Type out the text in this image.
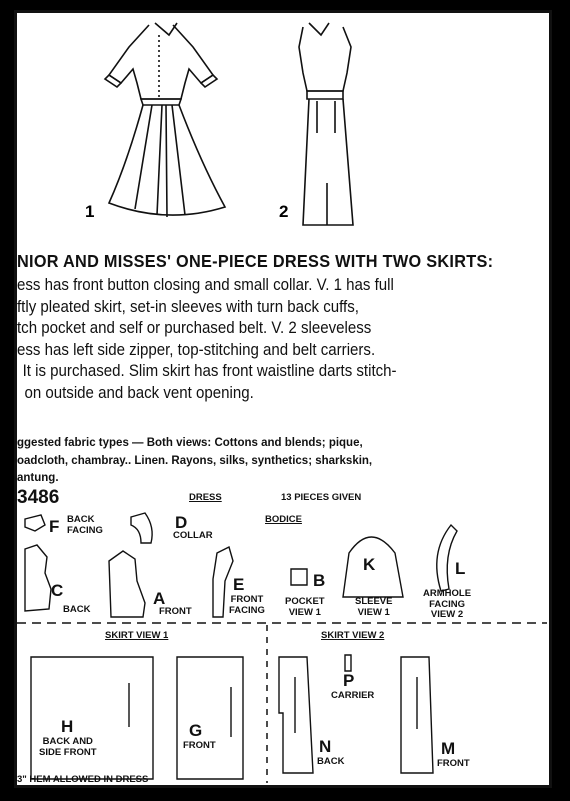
1	2
NIOR AND MISSES' ONE-PIECE DRESS WITH TWO SKIRTS:
ess has front button closing and small collar. V. 1 has full
ftly pleated skirt, set-in sleeves with turn back cuffs,
tch pocket and self or purchased belt. V. 2 sleeveless
ess has left side zipper, top-stitching and belt carriers.
It is purchased. Slim skirt has front waistline darts stitch-
on outside and back vent opening.
ggested fabric types — Both views: Cottons and blends; pique,
oadcloth, chambray.. Linen. Rayons, silks, synthetics; sharkskin,
antung.
3486	DRESS	13 PIECES GIVEN
BODICE
SKIRT VIEW 1	SKIRT VIEW 2
F BACK
FACING	D
COLLAR
C
BACK
A
FRONT
E
FRONT
FACING
B
POCKET
VIEW 1
K
SLEEVE
VIEW 1
L
ARMHOLE
FACING
VIEW 2
H
BACK AND
SIDE FRONT
G
FRONT	N
BACK
P
CARRIER
M
FRONT
3" HEM ALLOWED IN DRESS
